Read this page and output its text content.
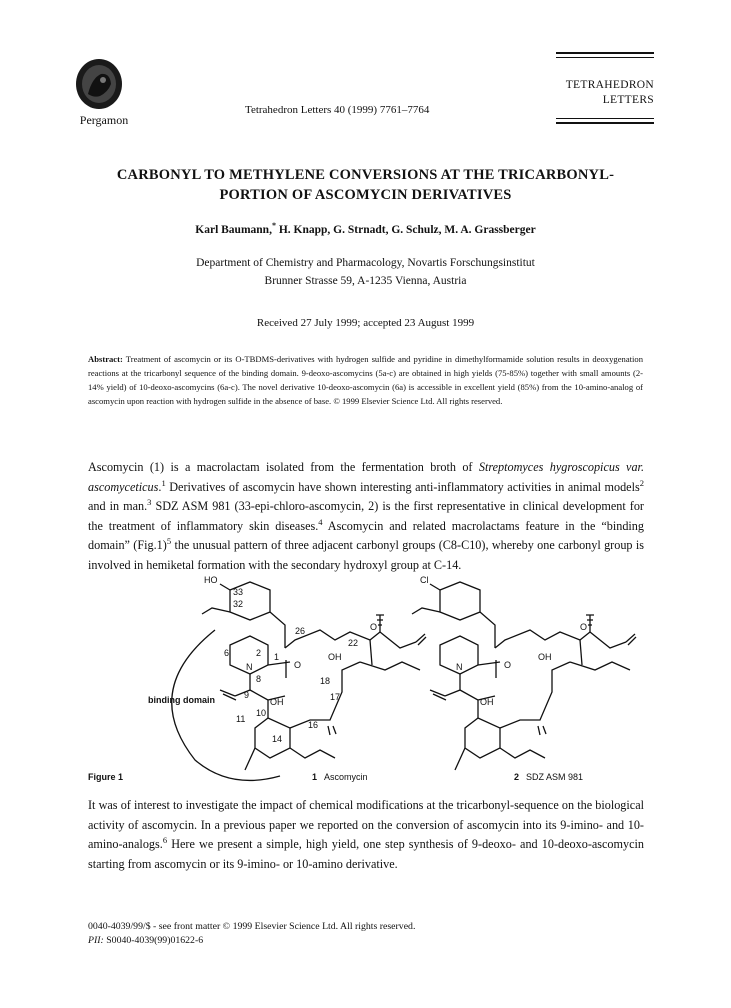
Pergamon
Tetrahedron Letters 40 (1999) 7761–7764
TETRAHEDRON
LETTERS
CARBONYL TO METHYLENE CONVERSIONS AT THE TRICARBONYL-
PORTION OF ASCOMYCIN DERIVATIVES
Karl Baumann,* H. Knapp, G. Strnadt, G. Schulz, M. A. Grassberger
Department of Chemistry and Pharmacology, Novartis Forschungsinstitut
Brunner Strasse 59, A-1235 Vienna, Austria
Received 27 July 1999; accepted 23 August 1999
Abstract: Treatment of ascomycin or its O-TBDMS-derivatives with hydrogen sulfide and pyridine in dimethylformamide solution results in deoxygenation reactions at the tricarbonyl sequence of the binding domain. 9-deoxo-ascomycins (5a-c) are obtained in high yields (75-85%) together with small amounts (2-14% yield) of 10-deoxo-ascomycins (6a-c). The novel derivative 10-deoxo-ascomycin (6a) is accessible in excellent yield (85%) from the 10-amino-analog of ascomycin upon reaction with hydrogen sulfide in the absence of base. © 1999 Elsevier Science Ltd. All rights reserved.
Ascomycin (1) is a macrolactam isolated from the fermentation broth of Streptomyces hygroscopicus var. ascomyceticus.$^1$ Derivatives of ascomycin have shown interesting anti-inflammatory activities in animal models$^2$ and in man.$^3$ SDZ ASM 981 (33-epi-chloro-ascomycin, 2) is the first representative in clinical development for the treatment of inflammatory skin diseases.$^4$ Ascomycin and related macrolactams feature in the “binding domain” $(Fig.1)^5$ the unusual pattern of three adjacent carbonyl groups (C8-C10), whereby one carbonyl group is involved in hemiketal formation with the secondary hydroxyl group at C-14.
HO	Cl
33
32
26
22
6	2 1
8
9
10
11
14
16
17
18
O
OH
O
N	O
OH
O
N
OH	OH
binding domain
Figure 1	1 Ascomycin	2 SDZ ASM 981
It was of interest to investigate the impact of chemical modifications at the tricarbonyl-sequence on the biological activity of ascomycin. In a previous paper we reported on the conversion of ascomycin into its 9-imino- and 10-amino-analogs.$^6$ Here we present a simple, high yield, one step synthesis of 9-deoxo- and 10-deoxo-ascomycin starting from ascomycin or its 9-imino- or 10-amino derivative.
0040-4039/99/$ - see front matter © 1999 Elsevier Science Ltd. All rights reserved.
PII: S0040-4039(99)01622-6
